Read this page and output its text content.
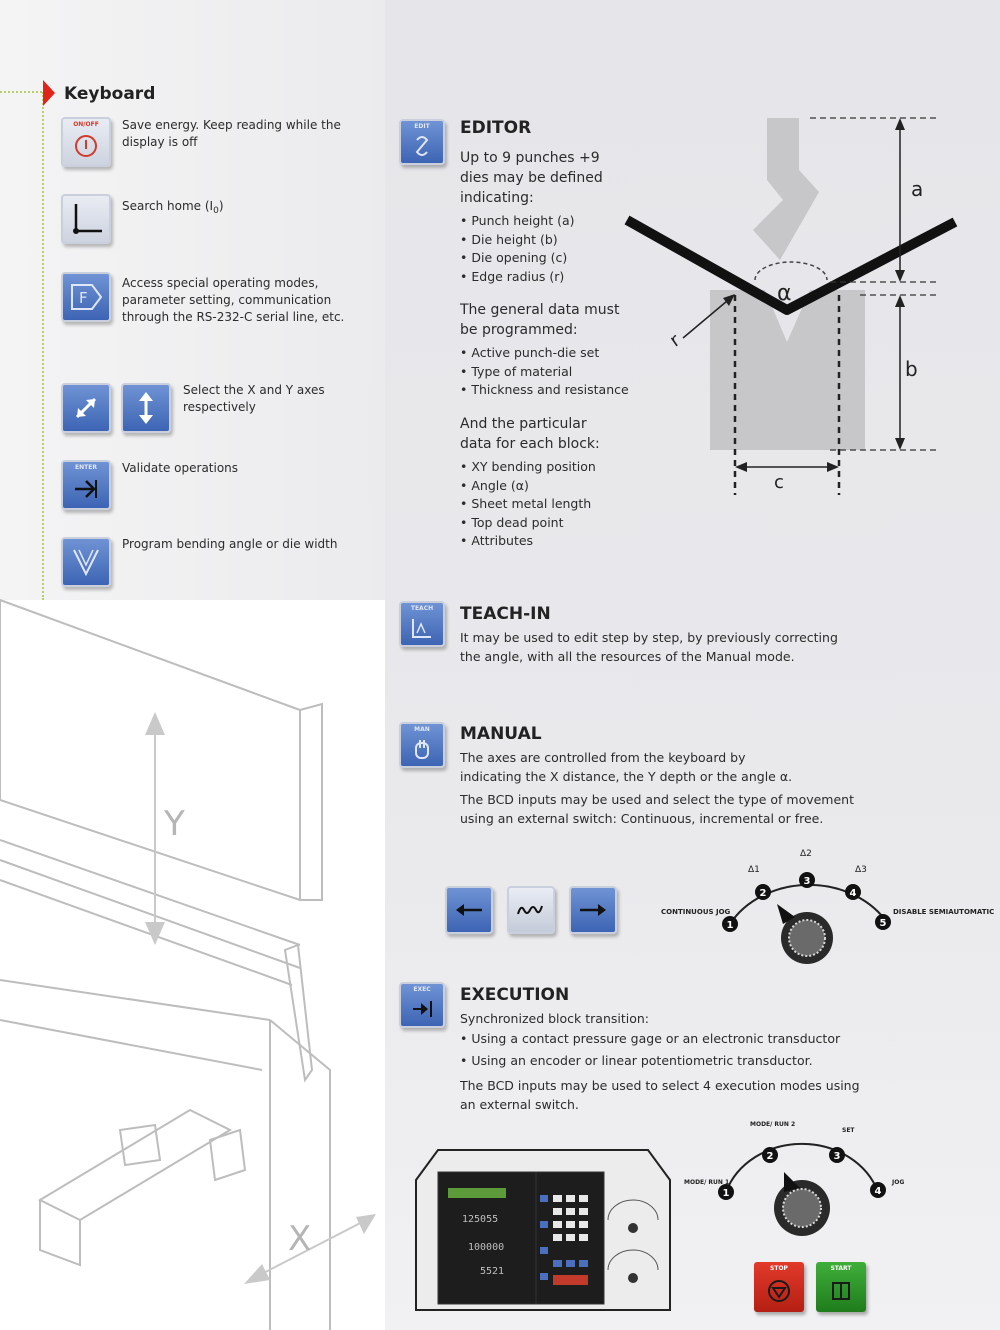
Keyboard
ON/OFF	Save energy. Keep reading while the display is off
Search home $(I_0)$
F
Access special operating modes, parameter setting, communication through the RS-232-C serial line, etc.
Select the X and Y axes respectively
ENTER	Validate operations
Program bending angle or die width
Y
X
EDIT	EDITOR
Up to 9 punches +9 dies may be defined indicating:
• Punch height (a)
• Die height (b)
• Die opening (c)
• Edge radius (r)
The general data must be programmed:
• Active punch-die set
• Type of material
• Thickness and resistance
And the particular data for each block:
• XY bending position
• Angle (α)
• Sheet metal length
• Top dead point
• Attributes
a
b
c
r
α
TEACH	TEACH-IN
It may be used to edit step by step, by previously correcting the angle, with all the resources of the Manual mode.
MAN	MANUAL
The axes are controlled from the keyboard by indicating the X distance, the Y depth or the angle α.
The BCD inputs may be used and select the type of movement using an external switch: Continuous, incremental or free.
1
2
3
4
5
Δ1
Δ2
Δ3
CONTINUOUS JOG	DISABLE SEMIAUTOMATIC
EXEC	EXECUTION
Synchronized block transition:
• Using a contact pressure gage or an electronic transductor
• Using an encoder or linear potentiometric transductor.
The BCD inputs may be used to select 4 execution modes using an external switch.
125055
100000
5521
1
2	3
4
MODE/ RUN 1
MODE/ RUN 2
SET
JOG
STOP	START
